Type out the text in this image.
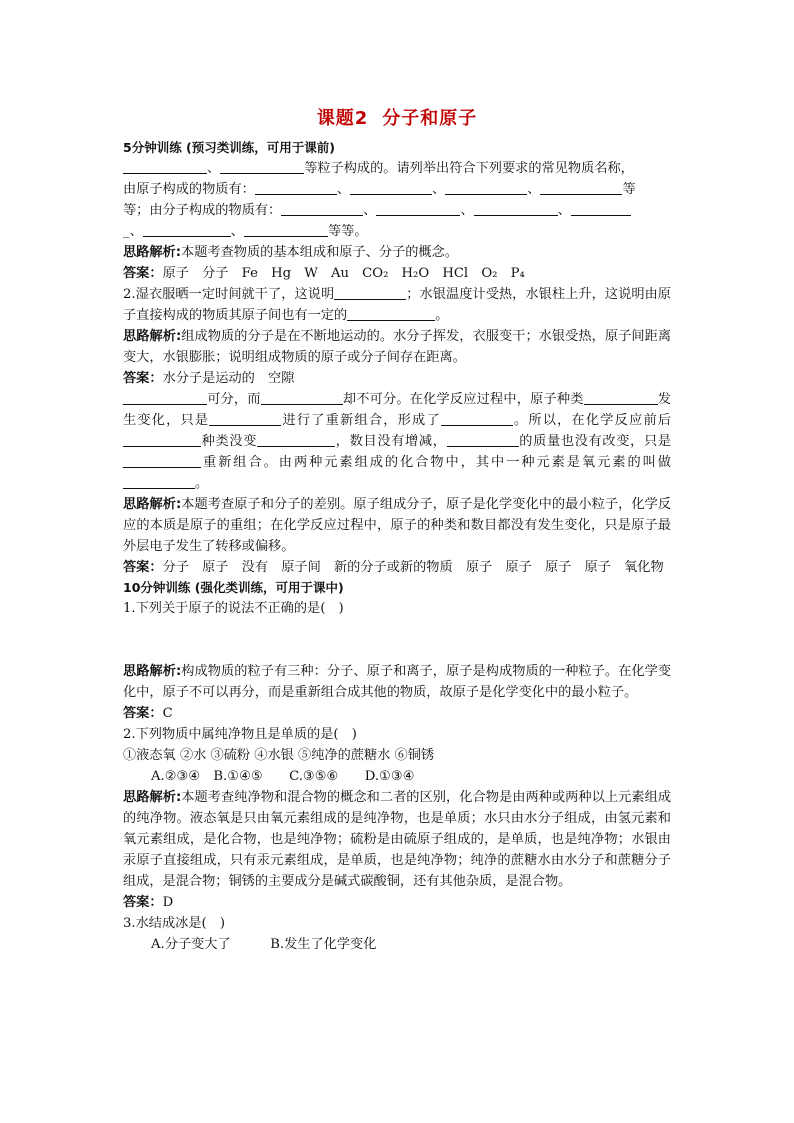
课题2 分子和原子
5分钟训练 (预习类训练，可用于课前)

、	等粒子构成的。请列举出符合下列要求的常见物质名称，
由原子构成的物质有：	、	、	、	等
等；由分子构成的物质有：	、	、	、
_、	、	等等。

思路解析:本题考查物质的基本组成和原子、分子的概念。

答案：原子　分子　Fe　Hg　W　Au　CO₂　H₂O　HCl　O₂　P₄

2.湿衣服晒一定时间就干了，这说明	；水银温度计受热，水银柱上升，这说明由原子直接构成的物质其原子间也有一定的	。

思路解析:组成物质的分子是在不断地运动的。水分子挥发，衣服变干；水银受热，原子间距离变大，水银膨胀；说明组成物质的原子或分子间存在距离。

答案：水分子是运动的　空隙

可分，而	却不可分。在化学反应过程中，原子种类	发生变化，只是	进行了重新组合，形成了	。所以，在化学反应前后种类没变	，数目没有增减，	的质量也没有改变，只是重新组合。由两种元素组成的化合物中，其中一种元素是氧元素的叫做。

思路解析:本题考查原子和分子的差别。原子组成分子，原子是化学变化中的最小粒子，化学反应的本质是原子的重组；在化学反应过程中，原子的种类和数目都没有发生变化，只是原子最外层电子发生了转移或偏移。

答案：分子　原子　没有　原子间　新的分子或新的物质　原子　原子　原子　原子　氧化物

10分钟训练 (强化类训练，可用于课中)

1.下列关于原子的说法不正确的是(　)

思路解析:构成物质的粒子有三种：分子、原子和离子，原子是构成物质的一种粒子。在化学变化中，原子不可以再分，而是重新组合成其他的物质，故原子是化学变化中的最小粒子。

答案：C

2.下列物质中属纯净物且是单质的是(　)

①液态氧 ②水 ③硫粉 ④水银 ⑤纯净的蔗糖水 ⑥铜锈

A.②③④　B.①④⑤　　C.③⑤⑥　　D.①③④

思路解析:本题考查纯净物和混合物的概念和二者的区别，化合物是由两种或两种以上元素组成的纯净物。液态氧是只由氧元素组成的是纯净物，也是单质；水只由水分子组成，由氢元素和氧元素组成，是化合物，也是纯净物；硫粉是由硫原子组成的，是单质，也是纯净物；水银由汞原子直接组成，只有汞元素组成，是单质，也是纯净物；纯净的蔗糖水由水分子和蔗糖分子组成，是混合物；铜锈的主要成分是碱式碳酸铜，还有其他杂质，是混合物。

答案：D

3.水结成冰是(　)

A.分子变大了　　　B.发生了化学变化
